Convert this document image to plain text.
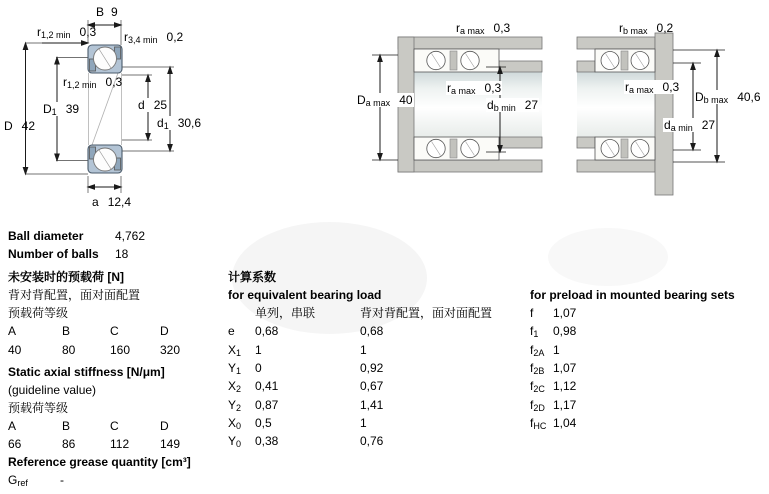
B 9
$r_{1,2 min}$ 0,3 $r_{3,4 min}$ 0,2
$r_{1,2 min}$ 0,3
$D_1$ 39
D 42
d 25
$d_1$ 30,6
a 12,4
$r_{a max}$ 0,3
$r_{a max}$ 0,3
$D_{a max}$ 40	$d_{b min}$ 27
$r_{b max}$ 0,2
$r_{a max}$ 0,3
$D_{b max}$ 40,6
$d_{a min}$ 27
Ball diameter	4,762
Number of balls 18
未安装时的预载荷 [N]
背对背配置，面对面配置
预载荷等级
A	B	C	D
40	80	160 320
Static axial stiffness [N/μm]
(guideline value)
预载荷等级
A	B	C	D
66	86	112	149
Reference grease quantity [cm³]
$G_{ref}$	-
计算系数
for equivalent bearing load
单列，串联	背对背配置，面对面配置
e 0,68	0,68
$X_1$ 1	1
$Y_1$ 0	0,92
$X_2$ 0,41	0,67
$Y_2$ 0,87	1,41
$X_0$ 0,5	1
$Y_0$ 0,38	0,76
for preload in mounted bearing sets
f 1,07
$f_1$ 0,98
$f_{2A}$ 1
$f_{2B}$ 1,07
$f_{2C}$ 1,12
$f_{2D}$ 1,17
$f_{HC}$ 1,04
